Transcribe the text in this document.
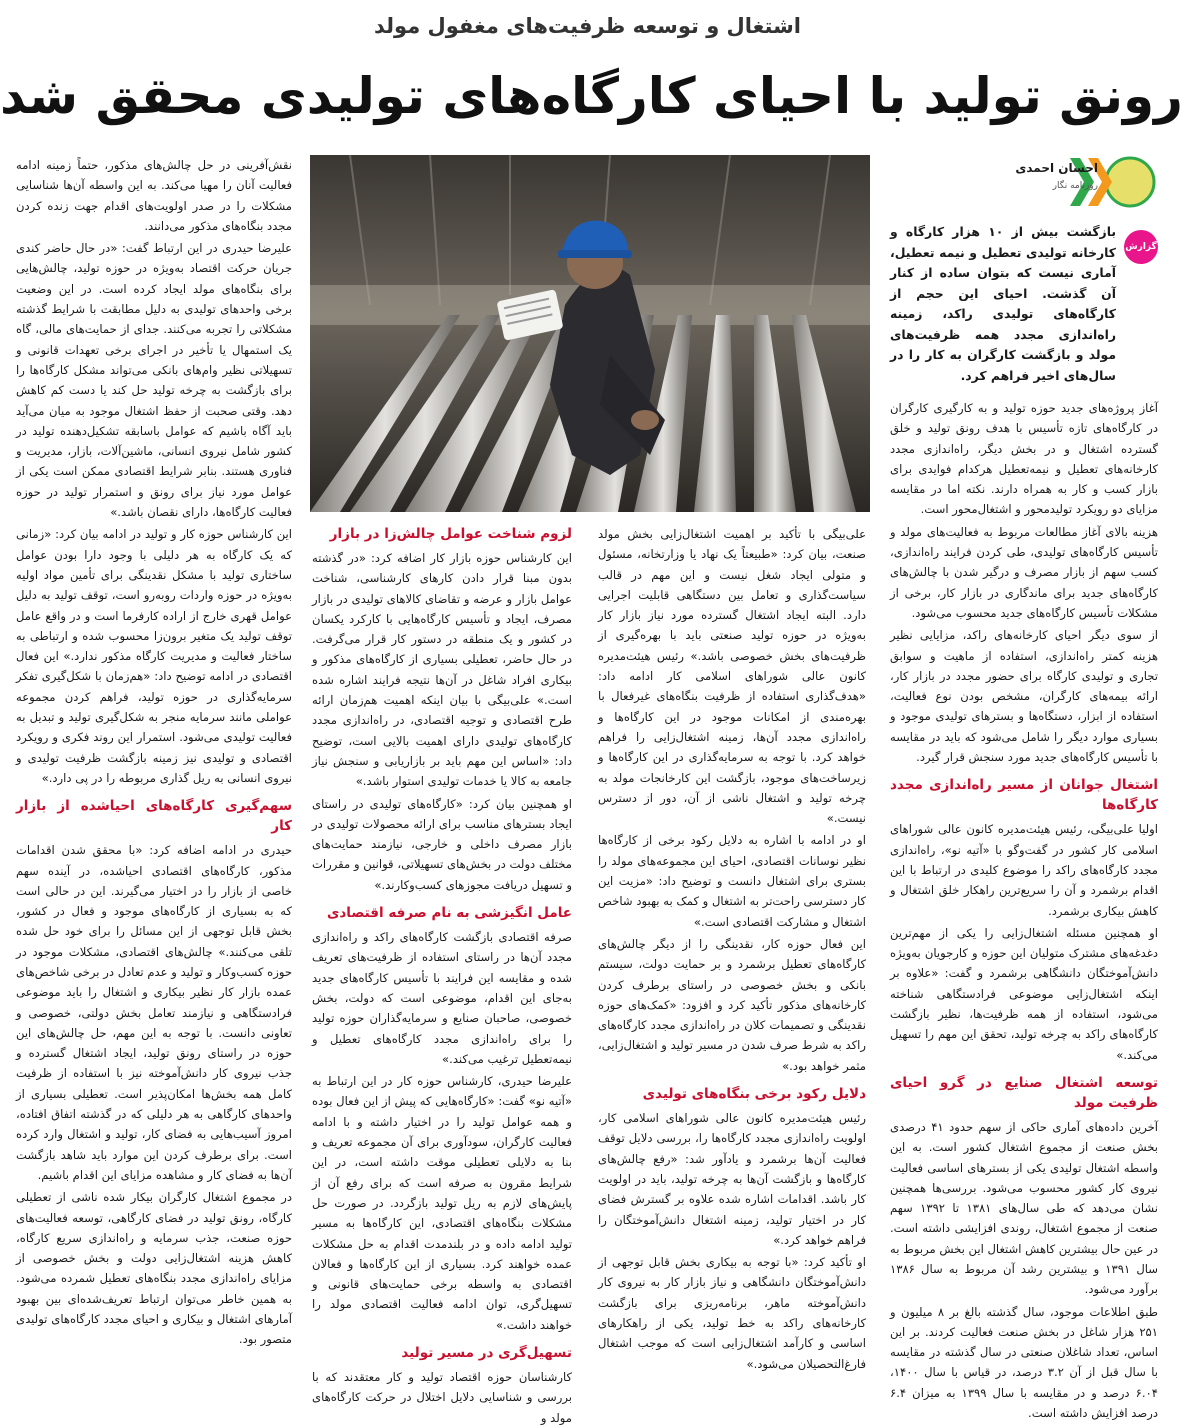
اشتغال و توسعه ظرفیت‌های مغفول مولد
رونق تولید با احیای کارگاه‌های تولیدی محقق شد
احسان احمدی
روزنامه نگار
گزارش

بازگشت بیش از ۱۰ هزار کارگاه و کارخانه تولیدی تعطیل و نیمه تعطیل، آماری نیست که بتوان ساده از کنار آن گذشت. احیای این حجم از کارگاه‌های تولیدی راکد، زمینه راه‌اندازی مجدد همه ظرفیت‌های مولد و بازگشت کارگران به کار را در سال‌های اخیر فراهم کرد.

آغاز پروژه‌های جدید حوزه تولید و به کارگیری کارگران در کارگاه‌های تازه تأسیس با هدف رونق تولید و خلق گسترده اشتغال و در بخش دیگر، راه‌اندازی مجدد کارخانه‌های تعطیل و نیمه‌تعطیل هرکدام فوایدی برای بازار کسب و کار به همراه دارند. نکته اما در مقایسه مزایای دو رویکرد تولیدمحور و اشتغال‌محور است.

هزینه بالای آغاز مطالعات مربوط به فعالیت‌های مولد و تأسیس کارگاه‌های تولیدی، طی کردن فرایند راه‌اندازی، کسب سهم از بازار مصرف و درگیر شدن با چالش‌های کارگاه‌های جدید برای ماندگاری در بازار کار، برخی از مشکلات تأسیس کارگاه‌های جدید محسوب می‌شود.

از سوی دیگر احیای کارخانه‌های راکد، مزایایی نظیر هزینه کمتر راه‌اندازی، استفاده از ماهیت و سوابق تجاری و تولیدی کارگاه برای حضور مجدد در بازار کار، ارائه بیمه‌های کارگران، مشخص بودن نوع فعالیت، استفاده از ابزار، دستگاه‌ها و بسترهای تولیدی موجود و بسیاری موارد دیگر را شامل می‌شود که باید در مقایسه با تأسیس کارگاه‌های جدید مورد سنجش قرار گیرد.

اشتغال جوانان از مسیر راه‌اندازی مجدد کارگاه‌ها

اولیا علی‌بیگی، رئیس هیئت‌مدیره کانون عالی شوراهای اسلامی کار کشور در گفت‌وگو با «آتیه نو»، راه‌اندازی مجدد کارگاه‌های راکد را موضوع کلیدی در ارتباط با این اقدام برشمرد و آن را سریع‌ترین راهکار خلق اشتغال و کاهش بیکاری برشمرد.

او همچنین مسئله اشتغال‌زایی را یکی از مهم‌ترین دغدغه‌های مشترک متولیان این حوزه و کارجویان به‌ویژه دانش‌آموختگان دانشگاهی برشمرد و گفت: «علاوه بر اینکه اشتغال‌زایی موضوعی فرادستگاهی شناخته می‌شود، استفاده از همه ظرفیت‌ها، نظیر بازگشت کارگاه‌های راکد به چرخه تولید، تحقق این مهم را تسهیل می‌کند.»

توسعه اشتغال صنایع در گرو احیای ظرفیت مولد

آخرین داده‌های آماری حاکی از سهم حدود ۴۱ درصدی بخش صنعت از مجموع اشتغال کشور است. به این واسطه اشتغال تولیدی یکی از بسترهای اساسی فعالیت نیروی کار کشور محسوب می‌شود. بررسی‌ها همچنین نشان می‌دهد که طی سال‌های ۱۳۸۱ تا ۱۳۹۲ سهم صنعت از مجموع اشتغال، روندی افزایشی داشته است. در عین حال بیشترین کاهش اشتغال این بخش مربوط به سال ۱۳۹۱ و بیشترین رشد آن مربوط به سال ۱۳۸۶ برآورد می‌شود.

طبق اطلاعات موجود، سال گذشته بالغ بر ۸ میلیون و ۲۵۱ هزار شاغل در بخش صنعت فعالیت کردند. بر این اساس، تعداد شاغلان صنعتی در سال گذشته در مقایسه با سال قبل از آن ۳.۲ درصد، در قیاس با سال ۱۴۰۰، ۶.۰۴ درصد و در مقایسه با سال ۱۳۹۹ به میزان ۶.۴ درصد افزایش داشته است.

علی‌بیگی با تأکید بر اهمیت اشتغال‌زایی بخش مولد صنعت، بیان کرد: «طبیعتاً یک نهاد یا وزارتخانه، مسئول و متولی ایجاد شغل نیست و این مهم در قالب سیاست‌گذاری و تعامل بین دستگاهی قابلیت اجرایی دارد. البته ایجاد اشتغال گسترده مورد نیاز بازار کار به‌ویژه در حوزه تولید صنعتی باید با بهره‌گیری از ظرفیت‌های بخش خصوصی باشد.» رئیس هیئت‌مدیره کانون عالی شوراهای اسلامی کار ادامه داد: «هدف‌گذاری استفاده از ظرفیت بنگاه‌های غیرفعال با بهره‌مندی از امکانات موجود در این کارگاه‌ها و راه‌اندازی مجدد آن‌ها، زمینه اشتغال‌زایی را فراهم خواهد کرد. با توجه به سرمایه‌گذاری در این کارگاه‌ها و زیرساخت‌های موجود، بازگشت این کارخانجات مولد به چرخه تولید و اشتغال ناشی از آن، دور از دسترس نیست.»

او در ادامه با اشاره به دلایل رکود برخی از کارگاه‌ها نظیر نوسانات اقتصادی، احیای این مجموعه‌های مولد را بستری برای اشتغال دانست و توضیح داد: «مزیت این کار دسترسی راحت‌تر به اشتغال و کمک به بهبود شاخص اشتغال و مشارکت اقتصادی است.»

این فعال حوزه کار، نقدینگی را از دیگر چالش‌های کارگاه‌های تعطیل برشمرد و بر حمایت دولت، سیستم بانکی و بخش خصوصی در راستای برطرف کردن کارخانه‌های مذکور تأکید کرد و افزود: «کمک‌های حوزه نقدینگی و تصمیمات کلان در راه‌اندازی مجدد کارگاه‌های راکد به شرط صرف شدن در مسیر تولید و اشتغال‌زایی، مثمر خواهد بود.»

دلایل رکود برخی بنگاه‌های تولیدی

رئیس هیئت‌مدیره کانون عالی شوراهای اسلامی کار، اولویت راه‌اندازی مجدد کارگاه‌ها را، بررسی دلایل توقف فعالیت آن‌ها برشمرد و یادآور شد: «رفع چالش‌های کارگاه‌ها و بازگشت آن‌ها به چرخه تولید، باید در اولویت کار باشد. اقدامات اشاره شده علاوه بر گسترش فضای کار در اختیار تولید، زمینه اشتغال دانش‌آموختگان را فراهم خواهد کرد.»

او تأکید کرد: «با توجه به بیکاری بخش قابل توجهی از دانش‌آموختگان دانشگاهی و نیاز بازار کار به نیروی کار دانش‌آموخته ماهر، برنامه‌ریزی برای بازگشت کارخانه‌های راکد به خط تولید، یکی از راهکارهای اساسی و کارآمد اشتغال‌زایی است که موجب اشتغال فارغ‌التحصیلان می‌شود.»

لزوم شناخت عوامل چالش‌زا در بازار

این کارشناس حوزه بازار کار اضافه کرد: «در گذشته بدون مبنا قرار دادن کارهای کارشناسی، شناخت عوامل بازار و عرضه و تقاضای کالاهای تولیدی در بازار مصرف، ایجاد و تأسیس کارگاه‌هایی با کارکرد یکسان در کشور و یک منطقه در دستور کار قرار می‌گرفت. در حال حاضر، تعطیلی بسیاری از کارگاه‌های مذکور و بیکاری افراد شاغل در آن‌ها نتیجه فرایند اشاره شده است.» علی‌بیگی با بیان اینکه اهمیت هم‌زمان ارائه طرح اقتصادی و توجیه اقتصادی، در راه‌اندازی مجدد کارگاه‌های تولیدی دارای اهمیت بالایی است، توضیح داد: «اساس این مهم باید بر بازاریابی و سنجش نیاز جامعه به کالا یا خدمات تولیدی استوار باشد.»

او همچنین بیان کرد: «کارگاه‌های تولیدی در راستای ایجاد بسترهای مناسب برای ارائه محصولات تولیدی در بازار مصرف داخلی و خارجی، نیازمند حمایت‌های مختلف دولت در بخش‌های تسهیلاتی، قوانین و مقررات و تسهیل دریافت مجوزهای کسب‌وکارند.»

عامل انگیزشی به نام صرفه اقتصادی

صرفه اقتصادی بازگشت کارگاه‌های راکد و راه‌اندازی مجدد آن‌ها در راستای استفاده از ظرفیت‌های تعریف شده و مقایسه این فرایند با تأسیس کارگاه‌های جدید به‌جای این اقدام، موضوعی است که دولت، بخش خصوصی، صاحبان صنایع و سرمایه‌گذاران حوزه تولید را برای راه‌اندازی مجدد کارگاه‌های تعطیل و نیمه‌تعطیل ترغیب می‌کند.»

علیرضا حیدری، کارشناس حوزه کار در این ارتباط به «آتیه نو» گفت: «کارگاه‌هایی که پیش از این فعال بوده و همه عوامل تولید را در اختیار داشته و با ادامه فعالیت کارگران، سودآوری برای آن مجموعه تعریف و بنا به دلایلی تعطیلی موقت داشته است، در این شرایط مقرون به صرفه است که برای رفع آن از پایش‌های لازم به ریل تولید بازگردد. در صورت حل مشکلات بنگاه‌های اقتصادی، این کارگاه‌ها به مسیر تولید ادامه داده و در بلندمدت اقدام به حل مشکلات عمده خواهند کرد. بسیاری از این کارگاه‌ها و فعالان اقتصادی به واسطه برخی حمایت‌های قانونی و تسهیل‌گری، توان ادامه فعالیت اقتصادی مولد را خواهند داشت.»

تسهیل‌گری در مسیر تولید

کارشناسان حوزه اقتصاد تولید و کار معتقدند که با بررسی و شناسایی دلایل اختلال در حرکت کارگاه‌های مولد و

نقش‌آفرینی در حل چالش‌های مذکور، حتماً زمینه ادامه فعالیت آنان را مهیا می‌کند. به این واسطه آن‌ها شناسایی مشکلات را در صدر اولویت‌های اقدام جهت زنده کردن مجدد بنگاه‌های مذکور می‌دانند.

علیرضا حیدری در این ارتباط گفت: «در حال حاضر کندی جریان حرکت اقتصاد به‌ویژه در حوزه تولید، چالش‌هایی برای بنگاه‌های مولد ایجاد کرده است. در این وضعیت برخی واحدهای تولیدی به دلیل مطابقت با شرایط گذشته مشکلاتی را تجربه می‌کنند. جدای از حمایت‌های مالی، گاه یک استمهال یا تأخیر در اجرای برخی تعهدات قانونی و تسهیلاتی نظیر وام‌های بانکی می‌تواند مشکل کارگاه‌ها را برای بازگشت به چرخه تولید حل کند یا دست کم کاهش دهد. وقتی صحبت از حفظ اشتغال موجود به میان می‌آید باید آگاه باشیم که عوامل باسابقه تشکیل‌دهنده تولید در کشور شامل نیروی انسانی، ماشین‌آلات، بازار، مدیریت و فناوری هستند. بنابر شرایط اقتصادی ممکن است یکی از عوامل مورد نیاز برای رونق و استمرار تولید در حوزه فعالیت کارگاه‌ها، دارای نقصان باشد.»

این کارشناس حوزه کار و تولید در ادامه بیان کرد: «زمانی که یک کارگاه به هر دلیلی با وجود دارا بودن عوامل ساختاری تولید با مشکل نقدینگی برای تأمین مواد اولیه به‌ویژه در حوزه واردات روبه‌رو است، توقف تولید به دلیل عوامل قهری خارج از اراده کارفرما است و در واقع عامل توقف تولید یک متغیر برون‌زا محسوب شده و ارتباطی به ساختار فعالیت و مدیریت کارگاه مذکور ندارد.» این فعال اقتصادی در ادامه توضیح داد: «هم‌زمان با شکل‌گیری تفکر سرمایه‌گذاری در حوزه تولید، فراهم کردن مجموعه عواملی مانند سرمایه منجر به شکل‌گیری تولید و تبدیل به فعالیت تولیدی می‌شود. استمرار این روند فکری و رویکرد اقتصادی و تولیدی نیز زمینه بازگشت ظرفیت تولیدی و نیروی انسانی به ریل گذاری مربوطه را در پی دارد.»

سهم‌گیری کارگاه‌های احیاشده از بازار کار

حیدری در ادامه اضافه کرد: «با محقق شدن اقدامات مذکور، کارگاه‌های اقتصادی احیاشده، در آینده سهم خاصی از بازار را در اختیار می‌گیرند. این در حالی است که به بسیاری از کارگاه‌های موجود و فعال در کشور، بخش قابل توجهی از این مسائل را برای خود حل شده تلقی می‌کنند.» چالش‌های اقتصادی، مشکلات موجود در حوزه کسب‌وکار و تولید و عدم تعادل در برخی شاخص‌های عمده بازار کار نظیر بیکاری و اشتغال را باید موضوعی فرادستگاهی و نیازمند تعامل بخش دولتی، خصوصی و تعاونی دانست. با توجه به این مهم، حل چالش‌های این حوزه در راستای رونق تولید، ایجاد اشتغال گسترده و جذب نیروی کار دانش‌آموخته نیز با استفاده از ظرفیت کامل همه بخش‌ها امکان‌پذیر است. تعطیلی بسیاری از واحدهای کارگاهی به هر دلیلی که در گذشته اتفاق افتاده، امروز آسیب‌هایی به فضای کار، تولید و اشتغال وارد کرده است. برای برطرف کردن این موارد باید شاهد بازگشت آن‌ها به فضای کار و مشاهده مزایای این اقدام باشیم.

در مجموع اشتغال کارگران بیکار شده ناشی از تعطیلی کارگاه، رونق تولید در فضای کارگاهی، توسعه فعالیت‌های حوزه صنعت، جذب سرمایه و راه‌اندازی سریع کارگاه، کاهش هزینه اشتغال‌زایی دولت و بخش خصوصی از مزایای راه‌اندازی مجدد بنگاه‌های تعطیل شمرده می‌شود. به همین خاطر می‌توان ارتباط تعریف‌شده‌ای بین بهبود آمارهای اشتغال و بیکاری و احیای مجدد کارگاه‌های تولیدی متصور بود.
